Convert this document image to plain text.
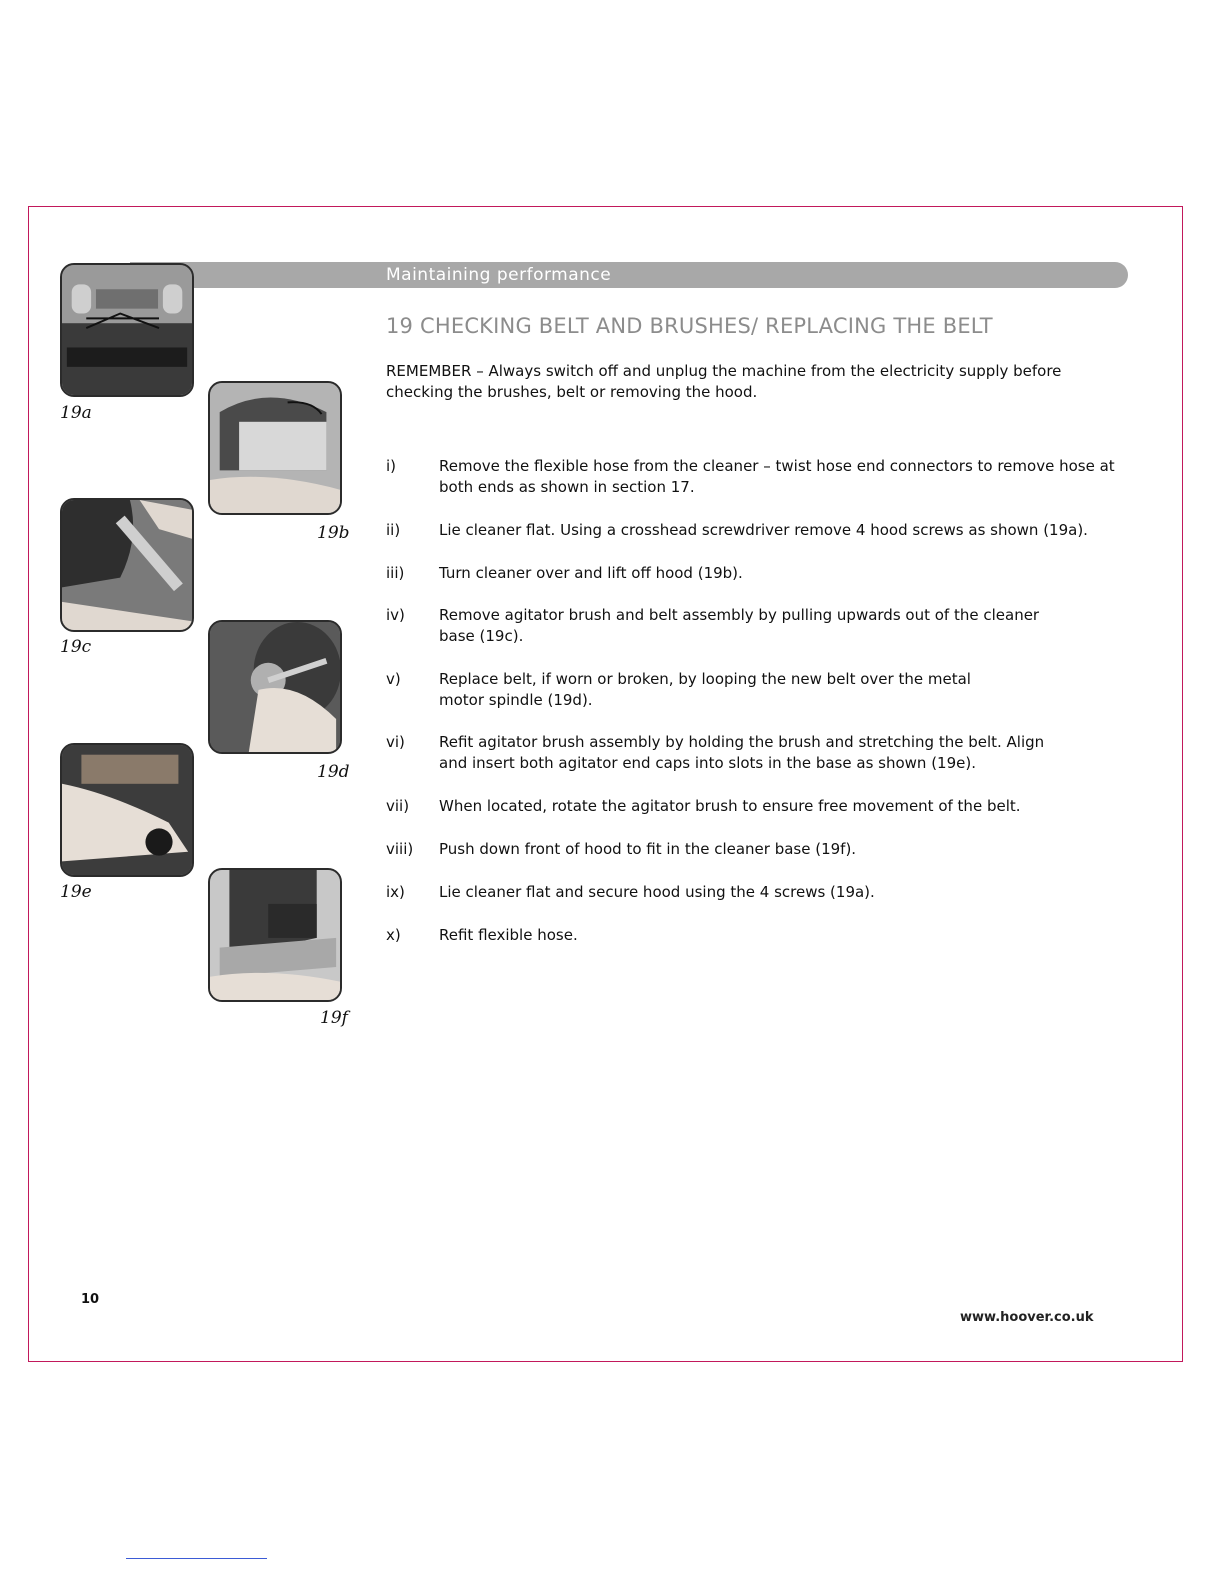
Maintaining performance
19a
19b
19c
19d
19e
19f
19 CHECKING BELT AND BRUSHES/ REPLACING THE BELT

REMEMBER – Always switch off and unplug the machine from the electricity supply before checking the brushes, belt or removing the hood.

i)	Remove the flexible hose from the cleaner – twist hose end connectors to remove hose at both ends as shown in section 17.
ii)	Lie cleaner flat. Using a crosshead screwdriver remove 4 hood screws as shown (19a).
iii)	Turn cleaner over and lift off hood (19b).
iv)	Remove agitator brush and belt assembly by pulling upwards out of the cleaner base (19c).
v)	Replace belt, if worn or broken, by looping the new belt over the metal motor spindle (19d).
vi)	Refit agitator brush assembly by holding the brush and stretching the belt. Align and insert both agitator end caps into slots in the base as shown (19e).
vii)	When located, rotate the agitator brush to ensure free movement of the belt.
viii)	Push down front of hood to fit in the cleaner base (19f).
ix)	Lie cleaner flat and secure hood using the 4 screws (19a).
x)	Refit flexible hose.
10
www.hoover.co.uk
